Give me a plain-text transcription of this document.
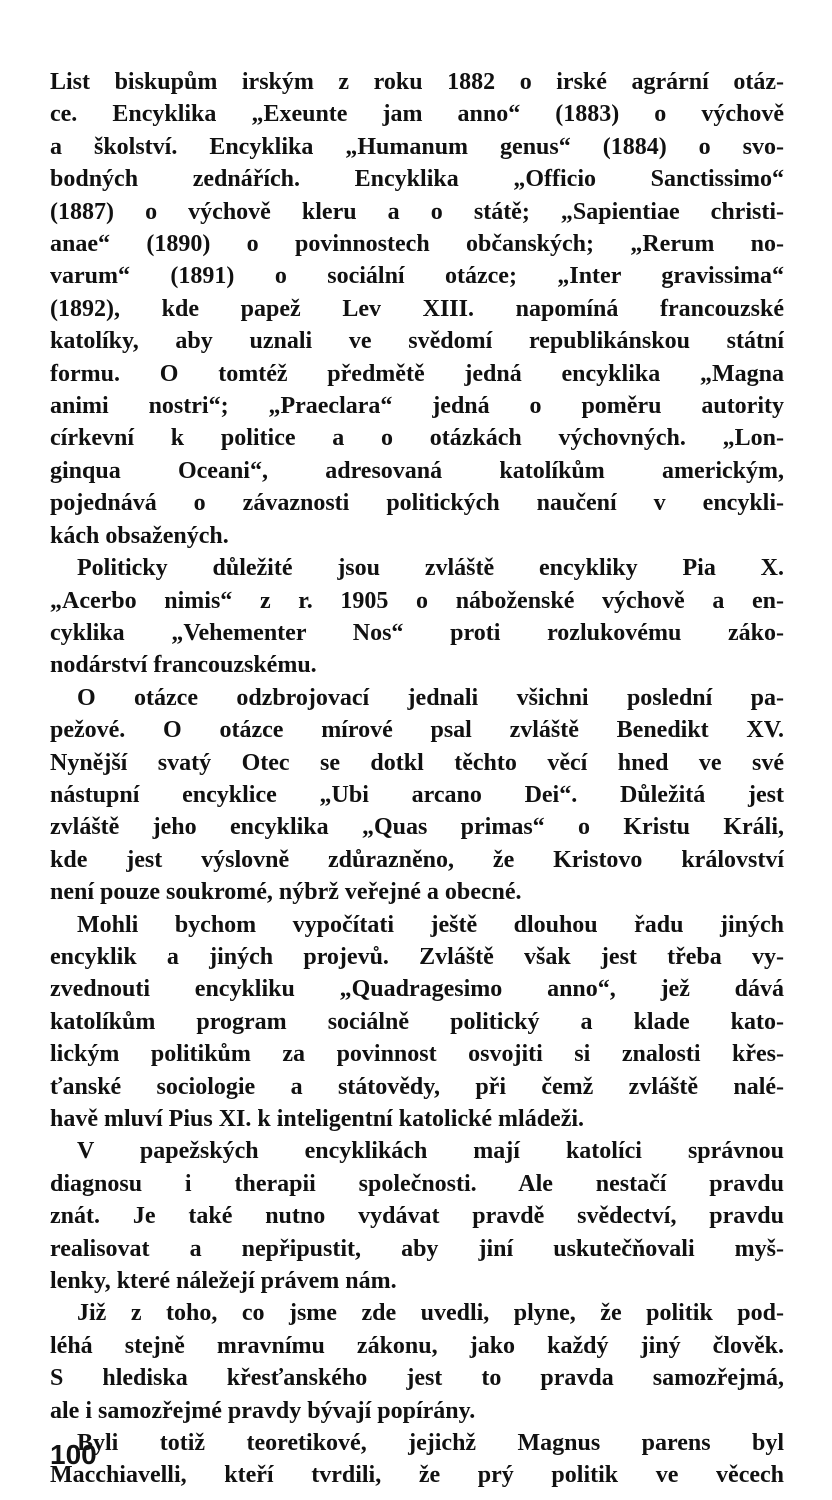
List biskupům irským z roku 1882 o irské agrární otáz-
ce. Encyklika „Exeunte jam anno“ (1883) o výchově
a školství. Encyklika „Humanum genus“ (1884) o svo-
bodných zednářích. Encyklika „Officio Sanctissimo“
(1887) o výchově kleru a o státě; „Sapientiae christi-
anae“ (1890) o povinnostech občanských; „Rerum no-
varum“ (1891) o sociální otázce; „Inter gravissima“
(1892), kde papež Lev XIII. napomíná francouzské
katolíky, aby uznali ve svědomí republikánskou státní
formu. O tomtéž předmětě jedná encyklika „Magna
animi nostri“; „Praeclara“ jedná o poměru autority
církevní k politice a o otázkách výchovných. „Lon-
ginqua Oceani“, adresovaná katolíkům americkým,
pojednává o závaznosti politických naučení v encykli-
kách obsažených.
Politicky důležité jsou zvláště encykliky Pia X.
„Acerbo nimis“ z r. 1905 o náboženské výchově a en-
cyklika „Vehementer Nos“ proti rozlukovému záko-
nodárství francouzskému.
O otázce odzbrojovací jednali všichni poslední pa-
pežové. O otázce mírové psal zvláště Benedikt XV.
Nynější svatý Otec se dotkl těchto věcí hned ve své
nástupní encyklice „Ubi arcano Dei“. Důležitá jest
zvláště jeho encyklika „Quas primas“ o Kristu Králi,
kde jest výslovně zdůrazněno, že Kristovo království
není pouze soukromé, nýbrž veřejné a obecné.
Mohli bychom vypočítati ještě dlouhou řadu jiných
encyklik a jiných projevů. Zvláště však jest třeba vy-
zvednouti encykliku „Quadragesimo anno“, jež dává
katolíkům program sociálně politický a klade kato-
lickým politikům za povinnost osvojiti si znalosti křes-
ťanské sociologie a státovědy, při čemž zvláště nalé-
havě mluví Pius XI. k inteligentní katolické mládeži.
V papežských encyklikách mají katolíci správnou
diagnosu i therapii společnosti. Ale nestačí pravdu
znát. Je také nutno vydávat pravdě svědectví, pravdu
realisovat a nepřipustit, aby jiní uskutečňovali myš-
lenky, které náležejí právem nám.
Již z toho, co jsme zde uvedli, plyne, že politik pod-
léhá stejně mravnímu zákonu, jako každý jiný člověk.
S hlediska křesťanského jest to pravda samozřejmá,
ale i samozřejmé pravdy bývají popírány.
Byli totiž teoretikové, jejichž Magnus parens byl
Macchiavelli, kteří tvrdili, že prý politik ve věcech
100
